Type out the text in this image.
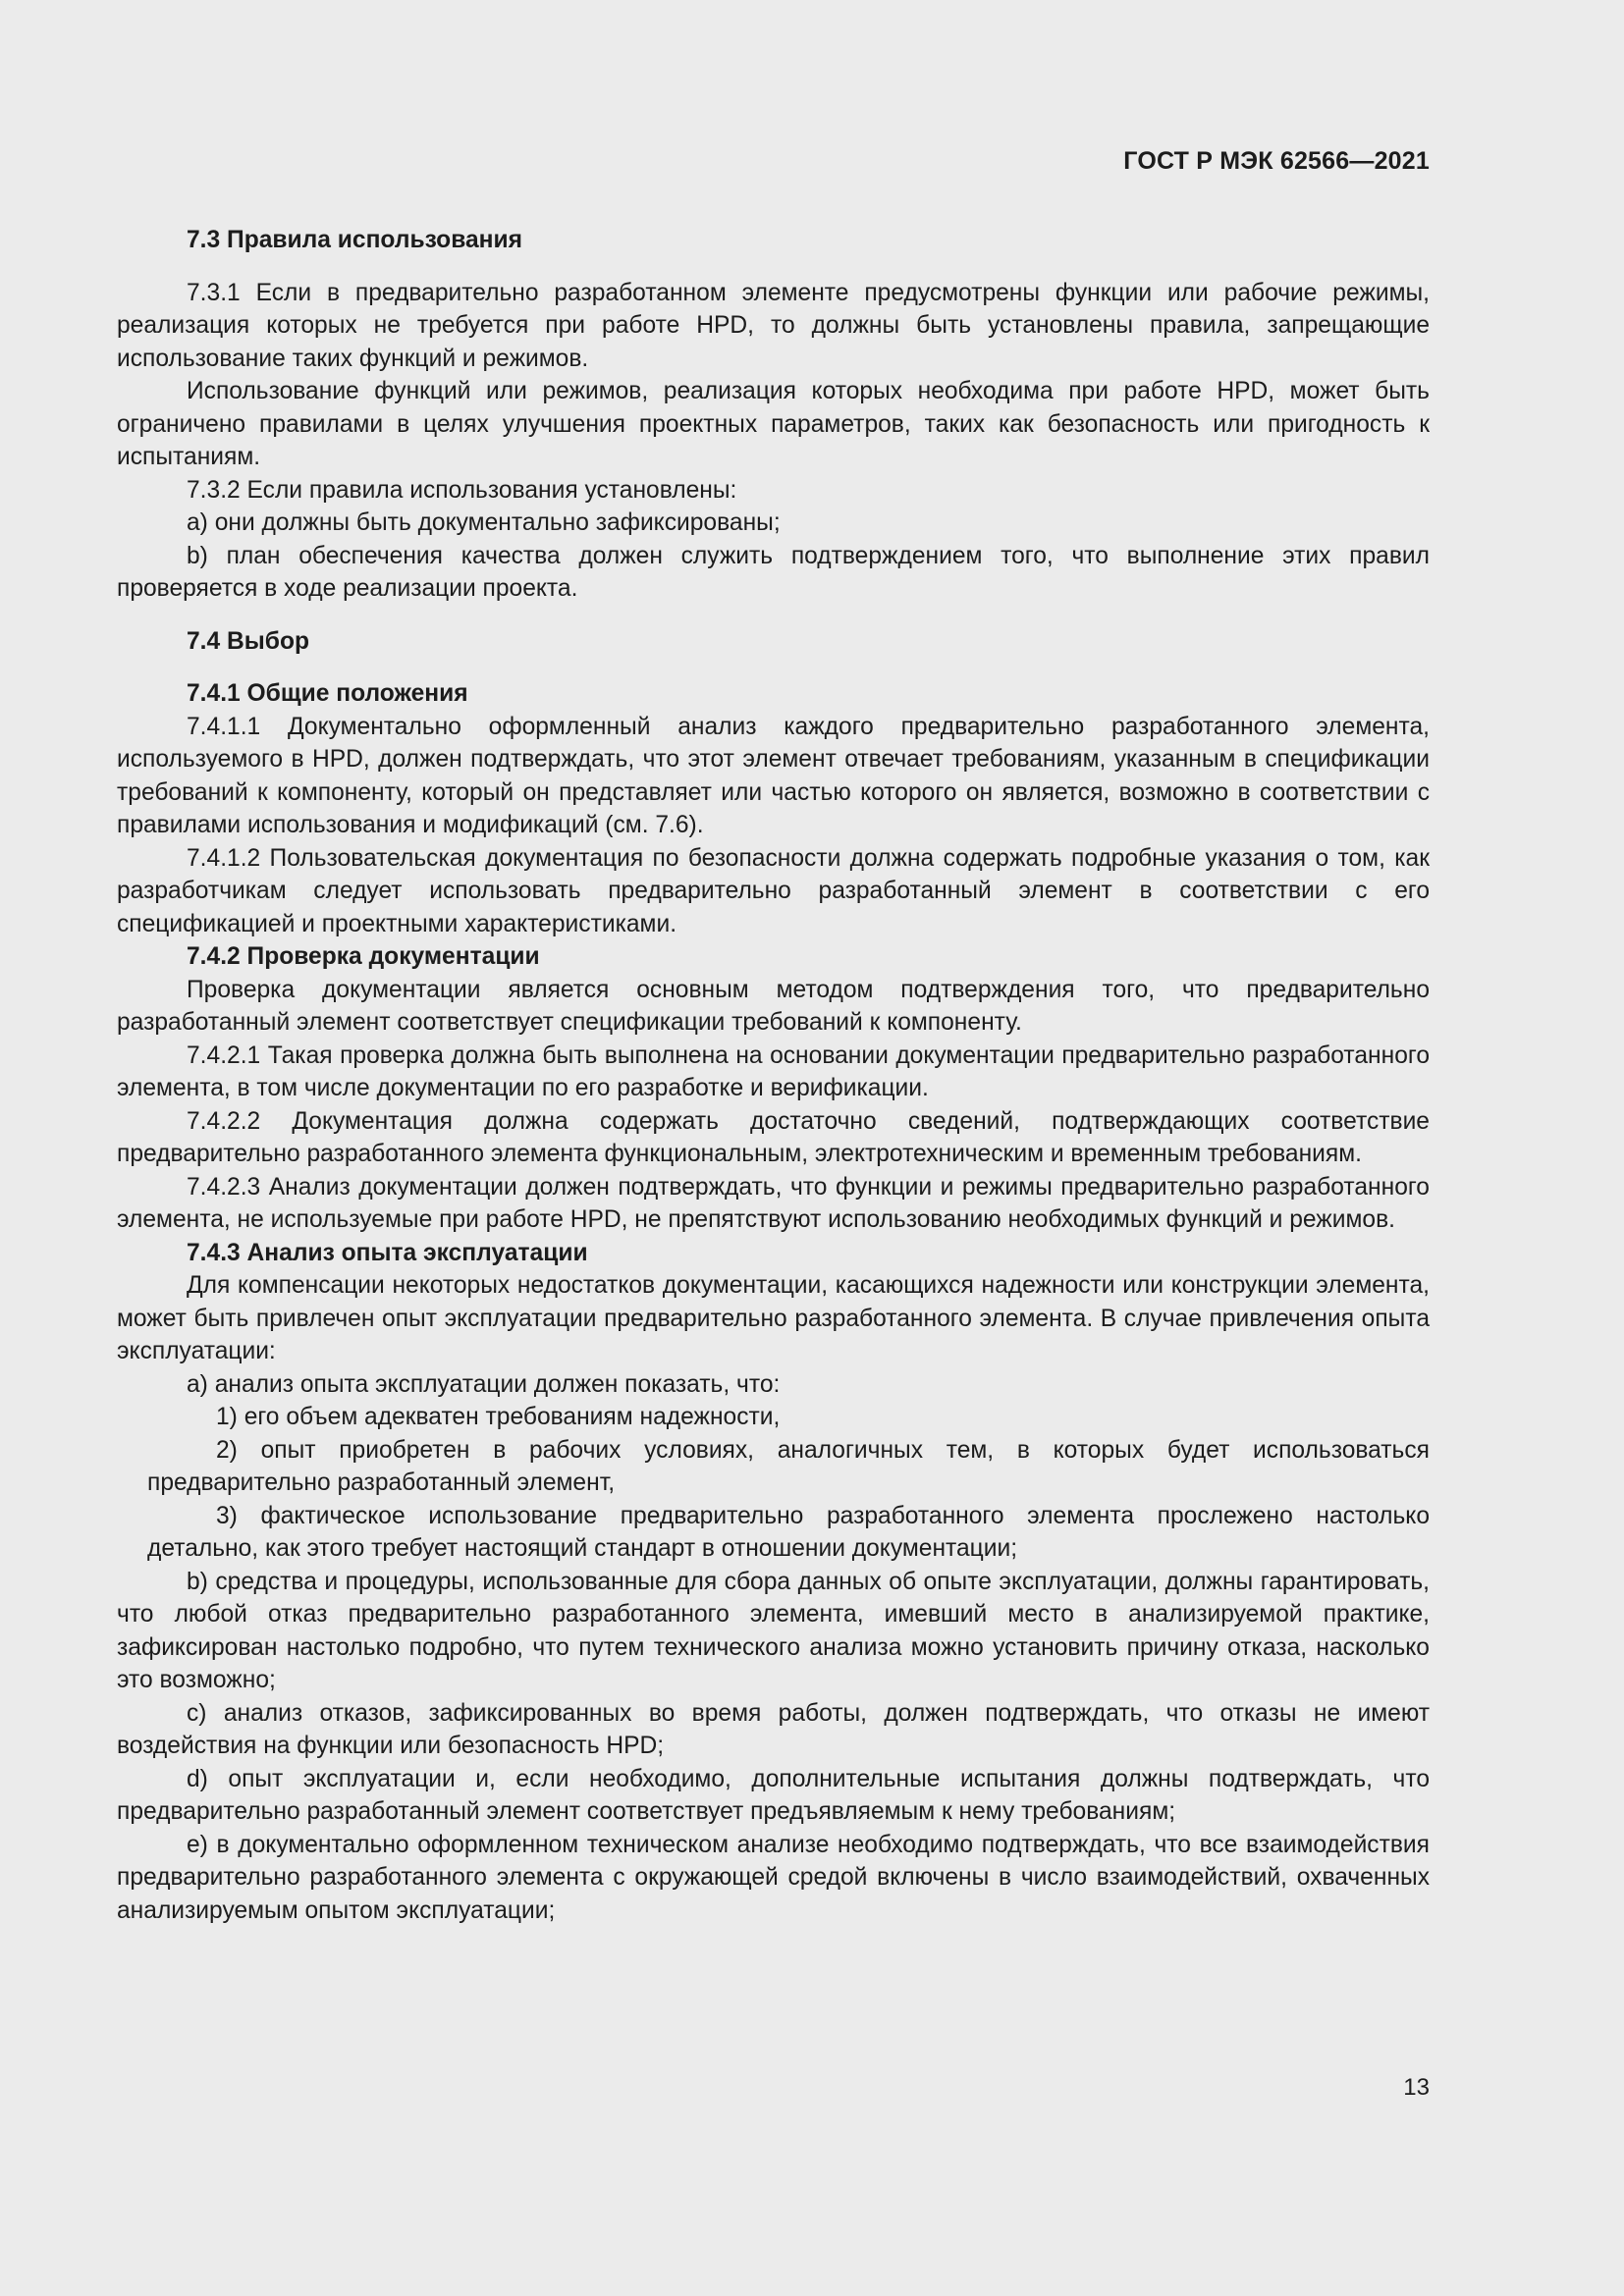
ГОСТ Р МЭК 62566—2021

7.3 Правила использования

7.3.1 Если в предварительно разработанном элементе предусмотрены функции или рабочие режимы, реализация которых не требуется при работе HPD, то должны быть установлены правила, запрещающие использование таких функций и режимов.

Использование функций или режимов, реализация которых необходима при работе HPD, может быть ограничено правилами в целях улучшения проектных параметров, таких как безопасность или пригодность к испытаниям.

7.3.2 Если правила использования установлены:

а) они должны быть документально зафиксированы;

b) план обеспечения качества должен служить подтверждением того, что выполнение этих правил проверяется в ходе реализации проекта.

7.4 Выбор

7.4.1 Общие положения

7.4.1.1 Документально оформленный анализ каждого предварительно разработанного элемента, используемого в HPD, должен подтверждать, что этот элемент отвечает требованиям, указанным в спецификации требований к компоненту, который он представляет или частью которого он является, возможно в соответствии с правилами использования и модификаций (см. 7.6).

7.4.1.2 Пользовательская документация по безопасности должна содержать подробные указания о том, как разработчикам следует использовать предварительно разработанный элемент в соответствии с его спецификацией и проектными характеристиками.

7.4.2 Проверка документации

Проверка документации является основным методом подтверждения того, что предварительно разработанный элемент соответствует спецификации требований к компоненту.

7.4.2.1 Такая проверка должна быть выполнена на основании документации предварительно разработанного элемента, в том числе документации по его разработке и верификации.

7.4.2.2 Документация должна содержать достаточно сведений, подтверждающих соответствие предварительно разработанного элемента функциональным, электротехническим и временным требованиям.

7.4.2.3 Анализ документации должен подтверждать, что функции и режимы предварительно разработанного элемента, не используемые при работе HPD, не препятствуют использованию необходимых функций и режимов.

7.4.3 Анализ опыта эксплуатации

Для компенсации некоторых недостатков документации, касающихся надежности или конструкции элемента, может быть привлечен опыт эксплуатации предварительно разработанного элемента. В случае привлечения опыта эксплуатации:

а) анализ опыта эксплуатации должен показать, что:

1) его объем адекватен требованиям надежности,

2) опыт приобретен в рабочих условиях, аналогичных тем, в которых будет использоваться предварительно разработанный элемент,

3) фактическое использование предварительно разработанного элемента прослежено настолько детально, как этого требует настоящий стандарт в отношении документации;

b) средства и процедуры, использованные для сбора данных об опыте эксплуатации, должны гарантировать, что любой отказ предварительно разработанного элемента, имевший место в анализируемой практике, зафиксирован настолько подробно, что путем технического анализа можно установить причину отказа, насколько это возможно;

с) анализ отказов, зафиксированных во время работы, должен подтверждать, что отказы не имеют воздействия на функции или безопасность HPD;

d) опыт эксплуатации и, если необходимо, дополнительные испытания должны подтверждать, что предварительно разработанный элемент соответствует предъявляемым к нему требованиям;

е) в документально оформленном техническом анализе необходимо подтверждать, что все взаимодействия предварительно разработанного элемента с окружающей средой включены в число взаимодействий, охваченных анализируемым опытом эксплуатации;

13
